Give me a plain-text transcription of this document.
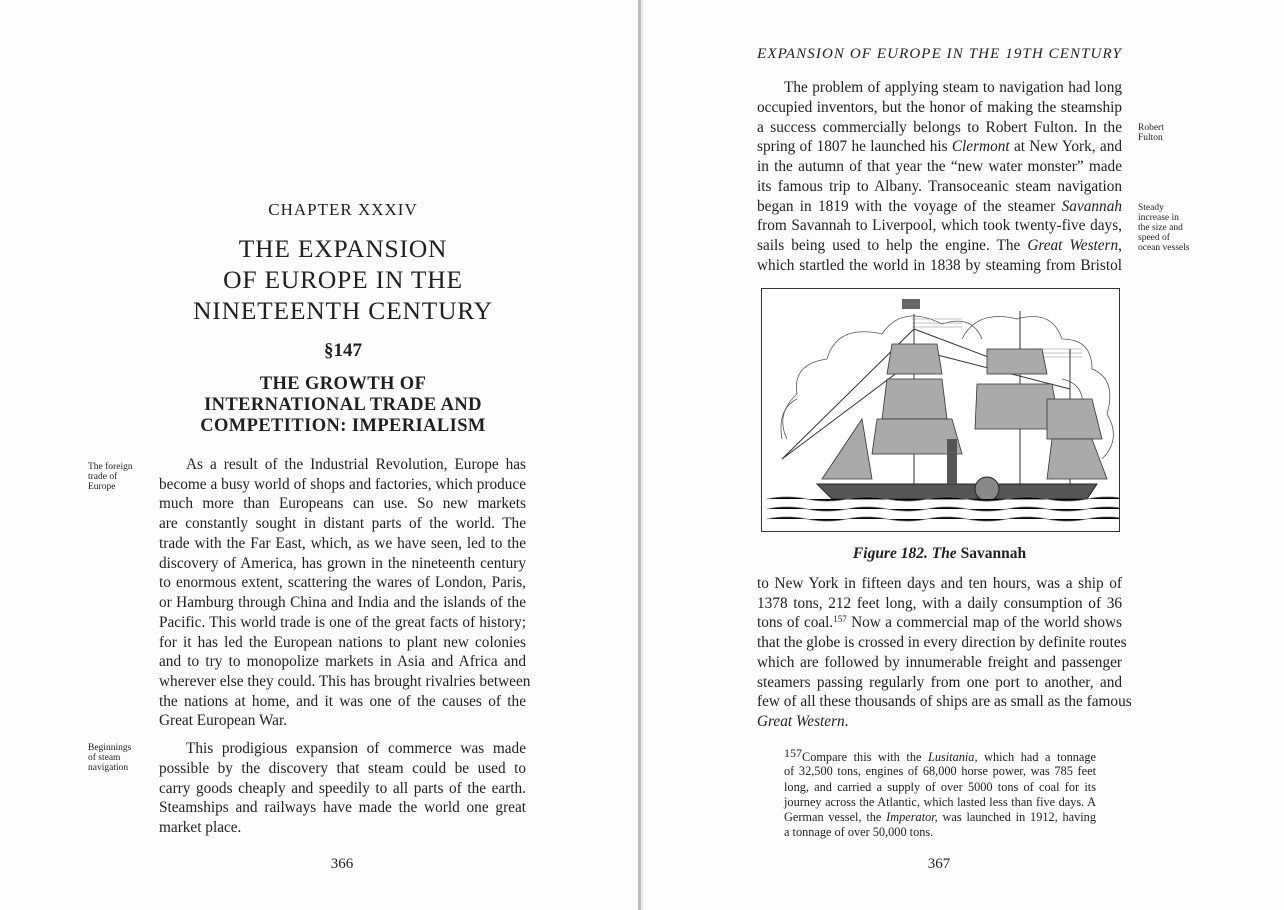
CHAPTER XXXIV
THE EXPANSION
OF EUROPE IN THE
NINETEENTH CENTURY
§147
THE GROWTH OF
INTERNATIONAL TRADE AND
COMPETITION: IMPERIALISM
The foreign
trade of
Europe
As a result of the Industrial Revolution, Europe has
become a busy world of shops and factories, which produce
much more than Europeans can use. So new markets
are constantly sought in distant parts of the world. The
trade with the Far East, which, as we have seen, led to the
discovery of America, has grown in the nineteenth century
to enormous extent, scattering the wares of London, Paris,
or Hamburg through China and India and the islands of the
Pacific. This world trade is one of the great facts of history;
for it has led the European nations to plant new colonies
and to try to monopolize markets in Asia and Africa and
wherever else they could. This has brought rivalries between
the nations at home, and it was one of the causes of the
Great European War.
Beginnings
of steam
navigation
This prodigious expansion of commerce was made
possible by the discovery that steam could be used to
carry goods cheaply and speedily to all parts of the earth.
Steamships and railways have made the world one great
market place.
366
EXPANSION OF EUROPE IN THE 19TH CENTURY
The problem of applying steam to navigation had long
occupied inventors, but the honor of making the steamship
a success commercially belongs to Robert Fulton. In the
spring of 1807 he launched his Clermont at New York, and
in the autumn of that year the “new water monster” made
its famous trip to Albany. Transoceanic steam navigation
began in 1819 with the voyage of the steamer Savannah
from Savannah to Liverpool, which took twenty-five days,
sails being used to help the engine. The Great Western,
which startled the world in 1838 by steaming from Bristol
Robert
Fulton
Steady
increase in
the size and
speed of
ocean vessels
Figure 182. The Savannah
to New York in fifteen days and ten hours, was a ship of
1378 tons, 212 feet long, with a daily consumption of 36
tons of coal.$^{157}$ Now a commercial map of the world shows
that the globe is crossed in every direction by definite routes
which are followed by innumerable freight and passenger
steamers passing regularly from one port to another, and
few of all these thousands of ships are as small as the famous
Great Western.
157Compare this with the Lusitania, which had a tonnage
of 32,500 tons, engines of 68,000 horse power, was 785 feet
long, and carried a supply of over 5000 tons of coal for its
journey across the Atlantic, which lasted less than five days. A
German vessel, the Imperator, was launched in 1912, having
a tonnage of over 50,000 tons.
367
